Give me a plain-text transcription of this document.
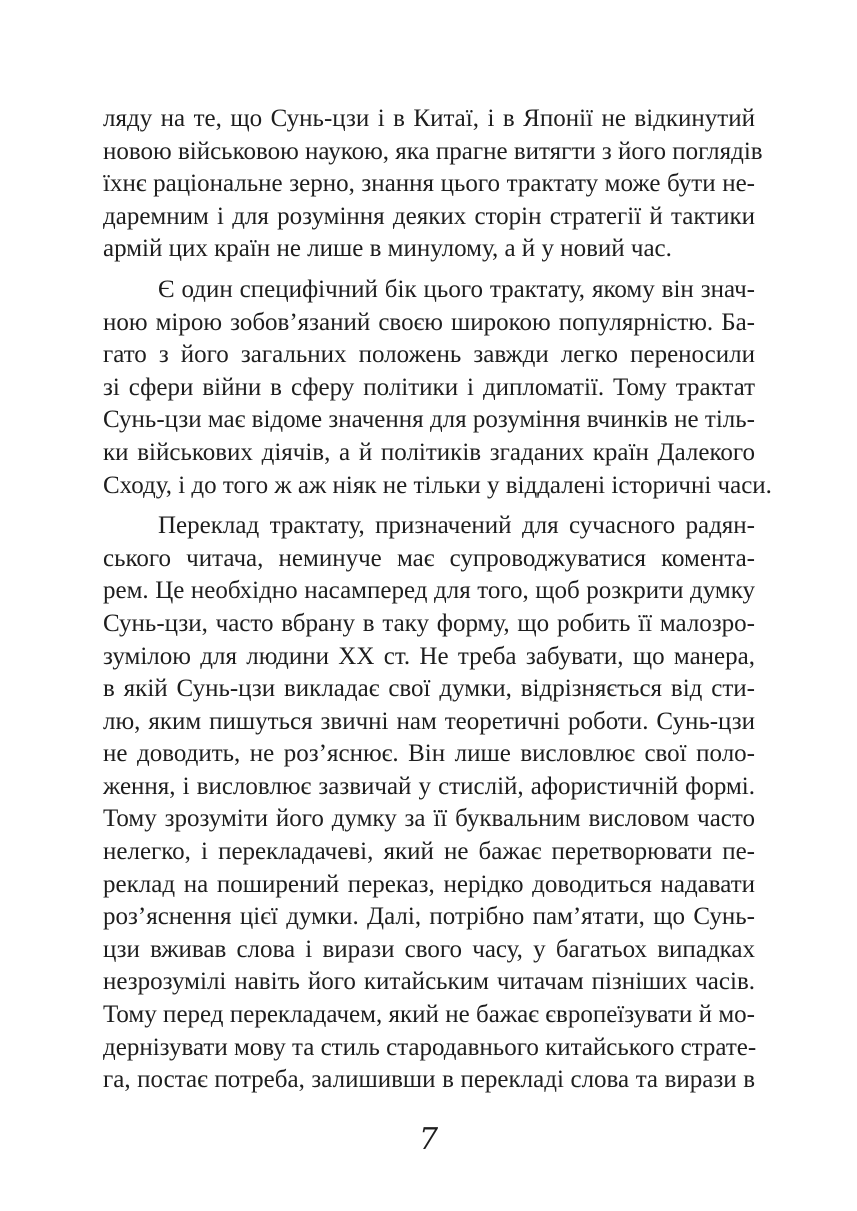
ляду на те, що Сунь-цзи і в Китаї, і в Японії не відкинутий
новою військовою наукою, яка прагне витягти з його поглядів
їхнє раціональне зерно, знання цього трактату може бути не-
даремним і для розуміння деяких сторін стратегії й тактики
армій цих країн не лише в минулому, а й у новий час.

Є один специфічний бік цього трактату, якому він знач-
ною мірою зобов’язаний своєю широкою популярністю. Ба-
гато з його загальних положень завжди легко переносили
зі сфери війни в сферу політики і дипломатії. Тому трактат
Сунь-цзи має відоме значення для розуміння вчинків не тіль-
ки військових діячів, а й політиків згаданих країн Далекого
Сходу, і до того ж аж ніяк не тільки у віддалені історичні часи.

Переклад трактату, призначений для сучасного радян-
ського читача, неминуче має супроводжуватися комента-
рем. Це необхідно насамперед для того, щоб розкрити думку
Сунь-цзи, часто вбрану в таку форму, що робить її малозро-
зумілою для людини XX ст. Не треба забувати, що манера,
в якій Сунь-цзи викладає свої думки, відрізняється від сти-
лю, яким пишуться звичні нам теоретичні роботи. Сунь-цзи
не доводить, не роз’яснює. Він лише висловлює свої поло-
ження, і висловлює зазвичай у стислій, афористичній формі.
Тому зрозуміти його думку за її буквальним висловом часто
нелегко, і перекладачеві, який не бажає перетворювати пе-
реклад на поширений переказ, нерідко доводиться надавати
роз’яснення цієї думки. Далі, потрібно пам’ятати, що Сунь-
цзи вживав слова і вирази свого часу, у багатьох випадках
незрозумілі навіть його китайським читачам пізніших часів.
Тому перед перекладачем, який не бажає європеїзувати й мо-
дернізувати мову та стиль стародавнього китайського страте-
га, постає потреба, залишивши в перекладі слова та вирази в

7
